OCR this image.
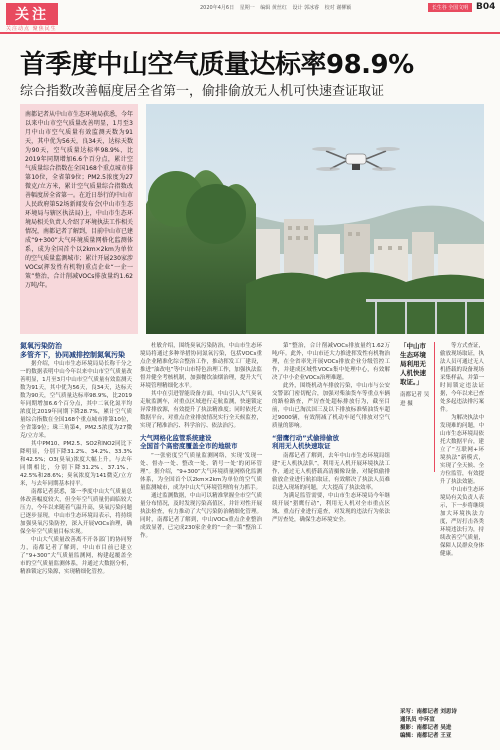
关注
关注动点 聚焦民生
2020年4月6日 星期一 编辑 黄丝红 设计 郭冰睿 校对 谢柳颖	长生谷 全国文明 B04
首季度中山空气质量达标率98.9%
综合指数改善幅度居全省第一，偷排偷放无人机可快速查证取证

南都记者从中山市生态环境局获悉，今年以来中山市空气质量改善明显，1月至3月中山市空气质量有效监测天数为91天，其中优为56天，良34天，达标天数为90天，空气质量达标率98.9%，比2019年同期增加6.6个百分点，累计空气质量综合指数在全国168个重点城市排第10位，全省第9位；PM2.5浓度为27微克/立方米，累计空气质量综合指数改善幅度居全省第一。在近日举行的中山市人民政府第52场新闻发布会(中山市生态环境局与辖区执法局)上，中山市生态环境局相关负责人介绍了环境执法工作相关情况，南都记者了解到，目前中山市已建成“9+300”大气环境质量网格化监测体系，成为全国首个以2km×2km为单位的空气质量监测城市；累计开展230家涉VOCs(挥发性有机物)重点企业“一企一策”整治，合计削减VOCs排放量约1.62万吨/年。

氮氧污染防治
多管齐下，协同减排控制氮氧污染

据介绍，中山市生态环境局局长称千分之一的数据表明中山今年以来中山市空气质量改善明显，1月至3月中山市空气质量有效监测天数为91天，其中优为56天，良34天，达标天数为90天，空气质量达标率98.9%，比2019年同期增加6.6个百分点，其中二氧化氮平均浓度比2019年同期下降28.7%，累计空气质量综合指数在全国168个重点城市排第10位，全省第9位；珠三角第4，PM2.5浓度为27微克/立方米。

其中PM10、PM2.5、SO2和NO2同比下降明显，分别下降31.2%、34.2%、33.3%和42.5%；O3(臭氧)浓度大幅上升。与去年同期相比，分别下降31.2%、37.1%、42.5%和28.6%；臭氧浓度为141微克/立方米，与去年同期基本持平。

南都记者获悉，第一季度中山大气质量总体改善幅度较大，但全年空气质量仍面临较大压力，今年以来随着气温升高，臭氧污染问题已逐步显现，中山市生态环境局表示，将持续加强臭氧污染防控，深入开展VOCs治理，确保全年空气质量目标实现。

中山大气质量改善离不开各部门的协同努力，南都记者了解到，中山市目前已建立了“9+300”大气质量监测网，构建起覆盖全市的空气质量监测体系，并通过大数据分析，精准锁定污染源，实现精细化管控。

杜敏介绍，围绕臭氧污染防治，中山市生态环境局将通过多种举措协同氮氧污染，包括VOCs重点企业精准化综合整治工作，推动挥发工厂建设，推进“油改电”等中山市特色治理工作，加强执法监督并健全考核机制，加强餐饮油烟治理，提升大气环境管理精细化水平。

其中在引进智能设备方面，中山引入大气臭氧走航监测车，对重点区域进行走航监测，快速锁定异常排放源，有效提升了执法精准度；同时依托大数据平台，对重点企业排放情况实行全天候监控，实现了精准治污、科学治污、依法治污。

大气网格化监管系统建设
全国首个高密度覆盖全市的地级市

“一张密度空气质量监测网络，实现‘发现一处、督办一处、整改一处、销号一处’的闭环管理”。据介绍，“9+300”大气环境质量网格化监测体系，为全国首个以2km×2km为单位的空气质量监测城市，成为中山大气环境管理的有力抓手。

通过监测数据，中山可以精准掌握全市空气质量分布情况，及时发现污染高值区，并针对性开展执法检查，有力推动了大气污染防治精细化管理。同时，南都记者了解到，中山VOCs重点企业整治成效显著，已完成230家企业的“一企一策”整治工作。

第”整治，合计削减VOCs排放量约1.62万吨/年。此外，中山市还大力推进挥发性有机物治理，在全省率先开展VOCs排放企业分级管控工作，并建成区域性VOCs集中处理中心，有效解决了中小企业VOCs治理难题。

此外，围绕机动车排放污染，中山市与公安交警部门密切配合，加强对柴油货车等重点车辆的路检路查，严厉查处超标排放行为，截至目前，中山已淘汰国三及以下排放标准柴油货车超过9000辆，有效削减了机动车尾气排放对空气质量的影响。

“猎鹰行动”式偷排偷放
利用无人机快速取证

南都记者了解到，去年中山市生态环境局组建“无人机执法队”，利用无人机开展环境执法工作，通过无人机搭载高清摄像设备，对疑似偷排偷放企业进行航拍取证，有效解决了执法人员难以进入现场的问题，大大提高了执法效率。

为满足监管需要，中山市生态环境局今年继续开展“猎鹰行动”，利用无人机对全市重点区域、重点行业进行巡查，对发现的违法行为依法严厉查处，确保生态环境安全。

「中山市生态环境局利用无人机快速取证。」

南都记者 吴进 摄

等方式查证，偷放现场取证，执法人员可通过无人机搭载的设备现场采集样品，并第一时间锁定违法证据，今年以来已查处多起违法排污案件。

为解决执法中发现难的问题，中山市生态环境局依托大数据平台，建立了“互联网+环境执法”新模式，实现了全天候、全方位监管，有效提升了执法效能。

中山市生态环境局有关负责人表示，下一步将继续加大环境执法力度，严厉打击各类环境违法行为，持续改善空气质量，保障人民群众身体健康。

采写：南都记者 刘思诗

通讯员 中环宣

摄影：南都记者 吴进

编辑：南都记者 王亚
